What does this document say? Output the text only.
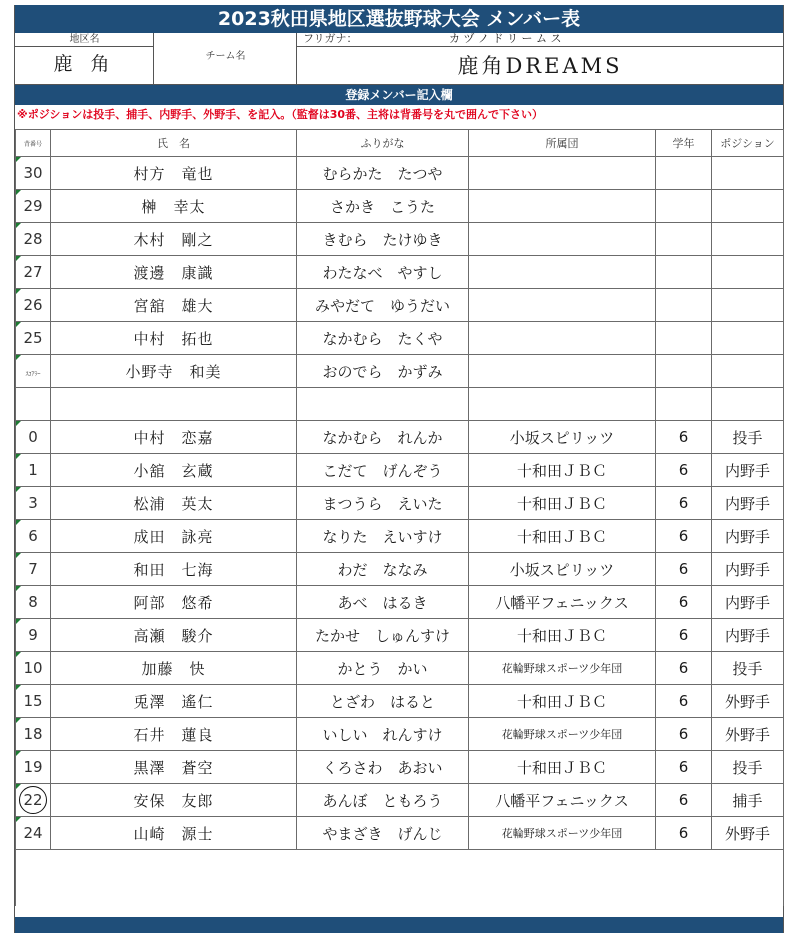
2023秋田県地区選抜野球大会 メンバー表
地区名
鹿 角	チーム名
フリガナ：	カ ヅ ノ ド リ ー ム ス
鹿角DREAMS
登録メンバー記入欄
※ポジションは投手、捕手、内野手、外野手、を記入。（監督は30番、主将は背番号を丸で囲んで下さい）
背番号	氏　名	ふりがな	所属団	学年	ポジション

30	村方　竜也	むらかた　たつや			

29	榊　幸太	さかき　こうた			

28	木村　剛之	きむら　たけゆき			

27	渡邊　康識	わたなべ　やすし			

26	宮舘　雄大	みやだて　ゆうだい			

25	中村　拓也	なかむら　たくや			

ｽｺｱﾗｰ	小野寺　和美	おのでら　かずみ			

0	中村　恋嘉	なかむら　れんか	小坂スピリッツ	6	投手

1	小舘　玄蔵	こだて　げんぞう	十和田ＪＢＣ	6	内野手

3	松浦　英太	まつうら　えいた	十和田ＪＢＣ	6	内野手

6	成田　詠亮	なりた　えいすけ	十和田ＪＢＣ	6	内野手

7	和田　七海	わだ　ななみ	小坂スピリッツ	6	内野手

8	阿部　悠希	あべ　はるき	八幡平フェニックス	6	内野手

9	高瀬　駿介	たかせ　しゅんすけ	十和田ＪＢＣ	6	内野手

10	加藤　快	かとう　かい	花輪野球スポーツ少年団	6	投手

15	兎澤　遙仁	とざわ　はると	十和田ＪＢＣ	6	外野手

18	石井　蓮良	いしい　れんすけ	花輪野球スポーツ少年団	6	外野手

19	黒澤　蒼空	くろさわ　あおい	十和田ＪＢＣ	6	投手

22	安保　友郎	あんぼ　ともろう	八幡平フェニックス	6	捕手

24	山崎　源士	やまざき　げんじ	花輪野球スポーツ少年団	6	外野手
